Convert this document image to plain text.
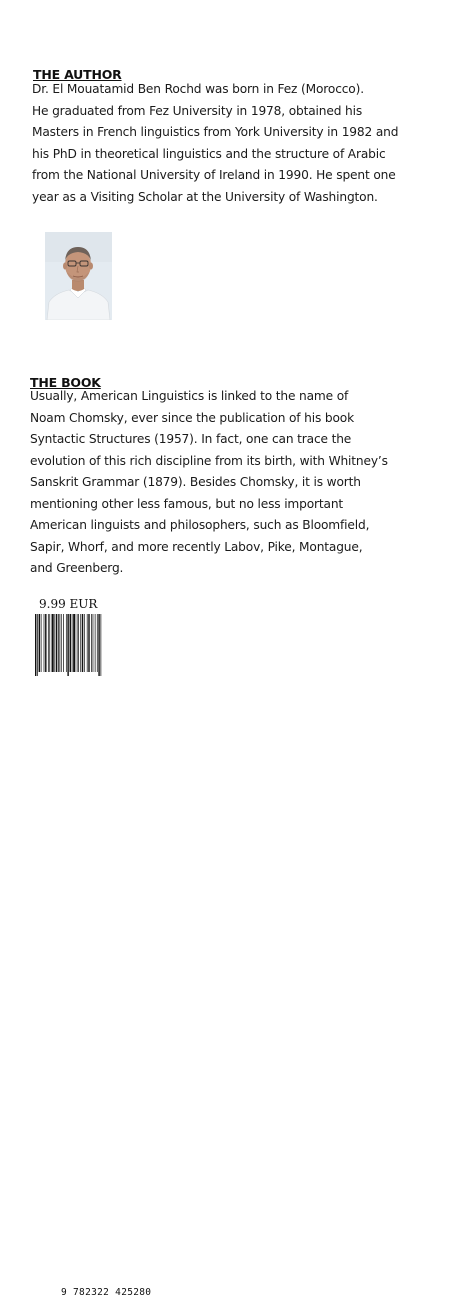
THE AUTHOR

Dr. El Mouatamid Ben Rochd was born in Fez (Morocco).
He graduated from Fez University in 1978, obtained his
Masters in French linguistics from York University in 1982 and
his PhD in theoretical linguistics and the structure of Arabic
from the National University of Ireland in 1990. He spent one
year as a Visiting Scholar at the University of Washington.

THE BOOK

Usually, American Linguistics is linked to the name of
Noam Chomsky, ever since the publication of his book
Syntactic Structures (1957). In fact, one can trace the
evolution of this rich discipline from its birth, with Whitney’s
Sanskrit Grammar (1879). Besides Chomsky, it is worth
mentioning other less famous, but no less important
American linguists and philosophers, such as Bloomfield,
Sapir, Whorf, and more recently Labov, Pike, Montague,
and Greenberg.

9.99 EUR
9 782322 425280
